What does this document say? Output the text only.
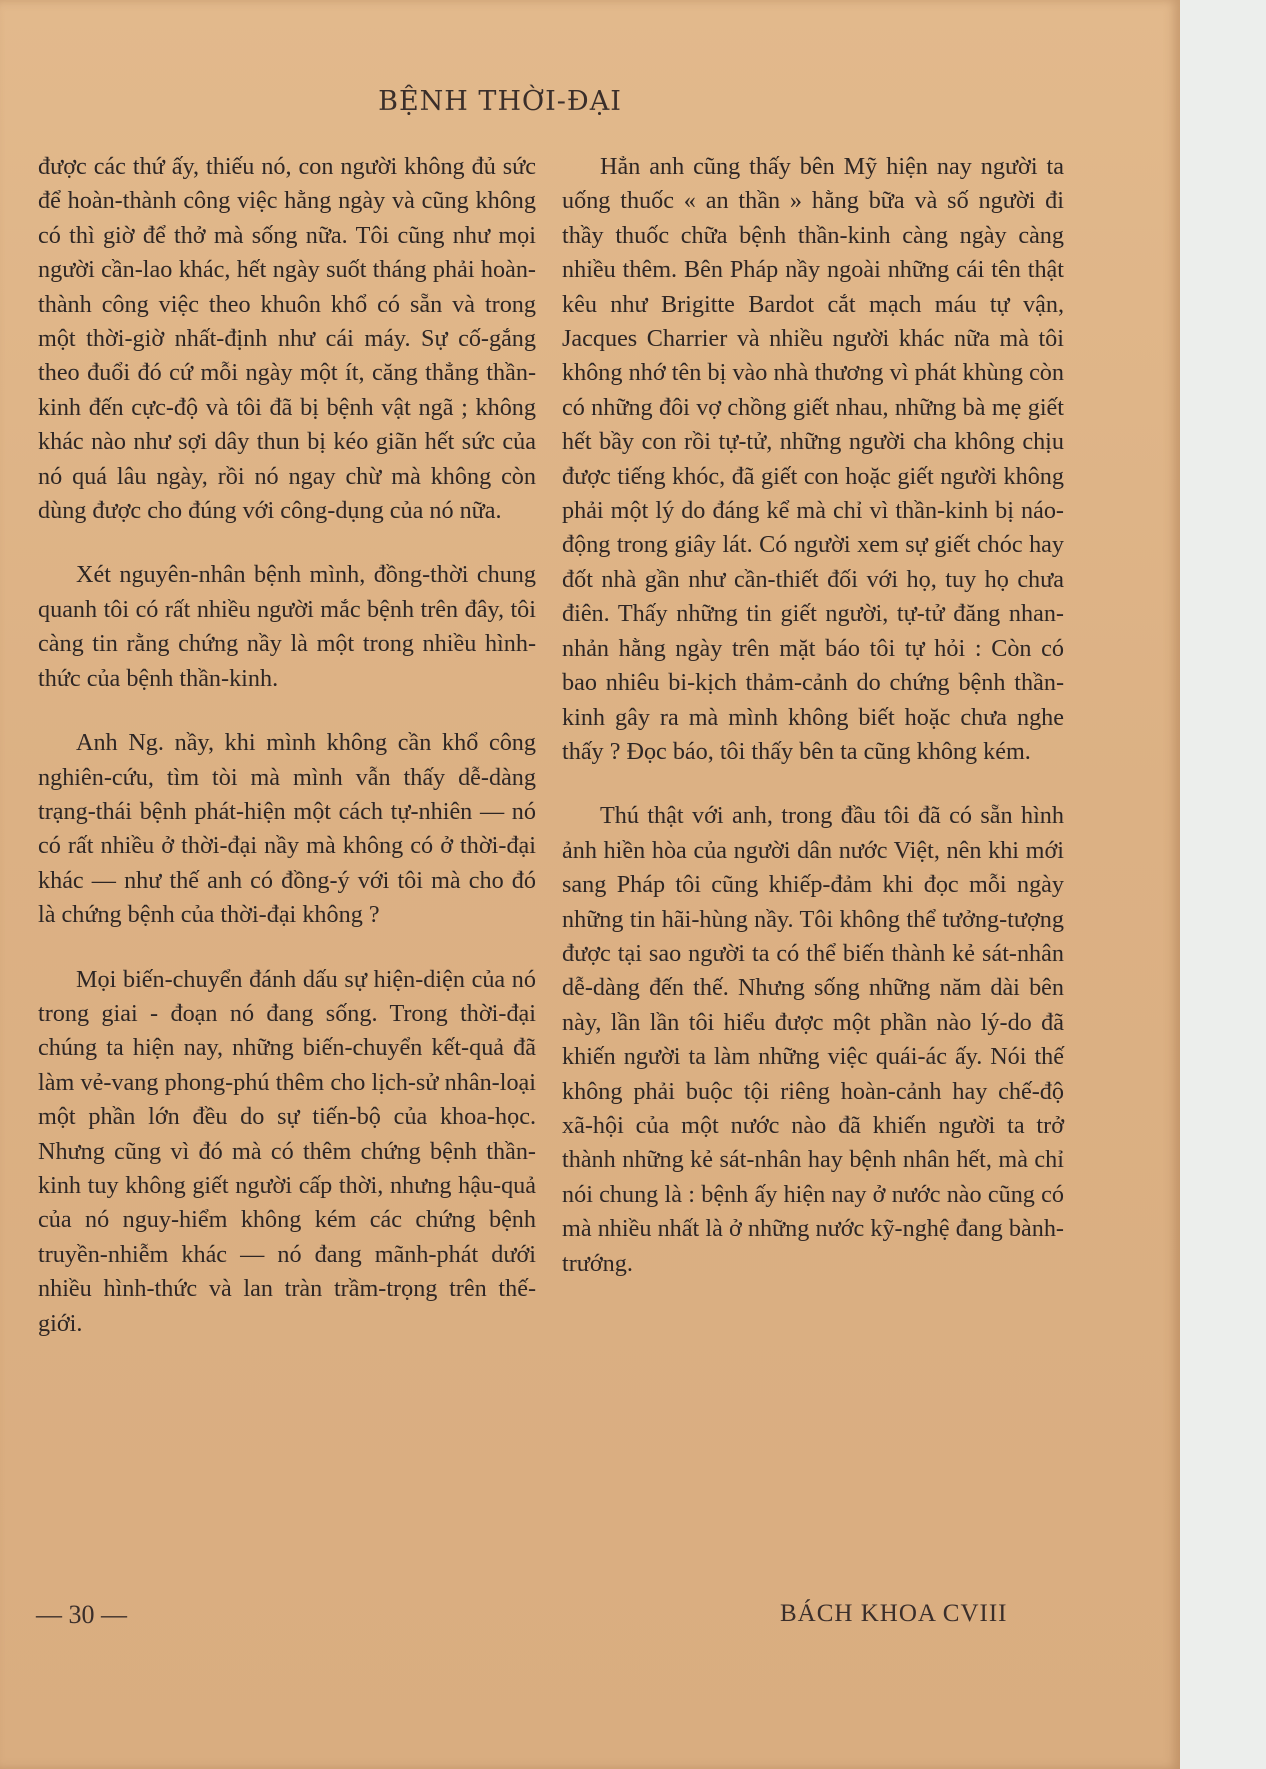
BỆNH THỜI-ĐẠI

được các thứ ấy, thiếu nó, con người không đủ sức để hoàn-thành công việc hằng ngày và cũng không có thì giờ để thở mà sống nữa. Tôi cũng như mọi người cần-lao khác, hết ngày suốt tháng phải hoàn-thành công việc theo khuôn khổ có sẵn và trong một thời-giờ nhất-định như cái máy. Sự cố-gắng theo đuổi đó cứ mỗi ngày một ít, căng thẳng thần-kinh đến cực-độ và tôi đã bị bệnh vật ngã ; không khác nào như sợi dây thun bị kéo giãn hết sức của nó quá lâu ngày, rồi nó ngay chừ mà không còn dùng được cho đúng với công-dụng của nó nữa.

Xét nguyên-nhân bệnh mình, đồng-thời chung quanh tôi có rất nhiều người mắc bệnh trên đây, tôi càng tin rằng chứng nầy là một trong nhiều hình-thức của bệnh thần-kinh.

Anh Ng. nầy, khi mình không cần khổ công nghiên-cứu, tìm tòi mà mình vẫn thấy dễ-dàng trạng-thái bệnh phát-hiện một cách tự-nhiên — nó có rất nhiều ở thời-đại nầy mà không có ở thời-đại khác — như thế anh có đồng-ý với tôi mà cho đó là chứng bệnh của thời-đại không ?

Mọi biến-chuyển đánh dấu sự hiện-diện của nó trong giai - đoạn nó đang sống. Trong thời-đại chúng ta hiện nay, những biến-chuyển kết-quả đã làm vẻ-vang phong-phú thêm cho lịch-sử nhân-loại một phần lớn đều do sự tiến-bộ của khoa-học. Nhưng cũng vì đó mà có thêm chứng bệnh thần-kinh tuy không giết người cấp thời, nhưng hậu-quả của nó nguy-hiểm không kém các chứng bệnh truyền-nhiễm khác — nó đang mãnh-phát dưới nhiều hình-thức và lan tràn trầm-trọng trên thế-giới.

Hẳn anh cũng thấy bên Mỹ hiện nay người ta uống thuốc « an thần » hằng bữa và số người đi thầy thuốc chữa bệnh thần-kinh càng ngày càng nhiều thêm. Bên Pháp nầy ngoài những cái tên thật kêu như Brigitte Bardot cắt mạch máu tự vận, Jacques Charrier và nhiều người khác nữa mà tôi không nhớ tên bị vào nhà thương vì phát khùng còn có những đôi vợ chồng giết nhau, những bà mẹ giết hết bầy con rồi tự-tử, những người cha không chịu được tiếng khóc, đã giết con hoặc giết người không phải một lý do đáng kể mà chỉ vì thần-kinh bị náo-động trong giây lát. Có người xem sự giết chóc hay đốt nhà gần như cần-thiết đối với họ, tuy họ chưa điên. Thấy những tin giết người, tự-tử đăng nhan-nhản hằng ngày trên mặt báo tôi tự hỏi : Còn có bao nhiêu bi-kịch thảm-cảnh do chứng bệnh thần-kinh gây ra mà mình không biết hoặc chưa nghe thấy ? Đọc báo, tôi thấy bên ta cũng không kém.

Thú thật với anh, trong đầu tôi đã có sẵn hình ảnh hiền hòa của người dân nước Việt, nên khi mới sang Pháp tôi cũng khiếp-đảm khi đọc mỗi ngày những tin hãi-hùng nầy. Tôi không thể tưởng-tượng được tại sao người ta có thể biến thành kẻ sát-nhân dễ-dàng đến thế. Nhưng sống những năm dài bên này, lần lần tôi hiểu được một phần nào lý-do đã khiến người ta làm những việc quái-ác ấy. Nói thế không phải buộc tội riêng hoàn-cảnh hay chế-độ xã-hội của một nước nào đã khiến người ta trở thành những kẻ sát-nhân hay bệnh nhân hết, mà chỉ nói chung là : bệnh ấy hiện nay ở nước nào cũng có mà nhiều nhất là ở những nước kỹ-nghệ đang bành-trướng.

— 30 —	BÁCH KHOA CVIII
